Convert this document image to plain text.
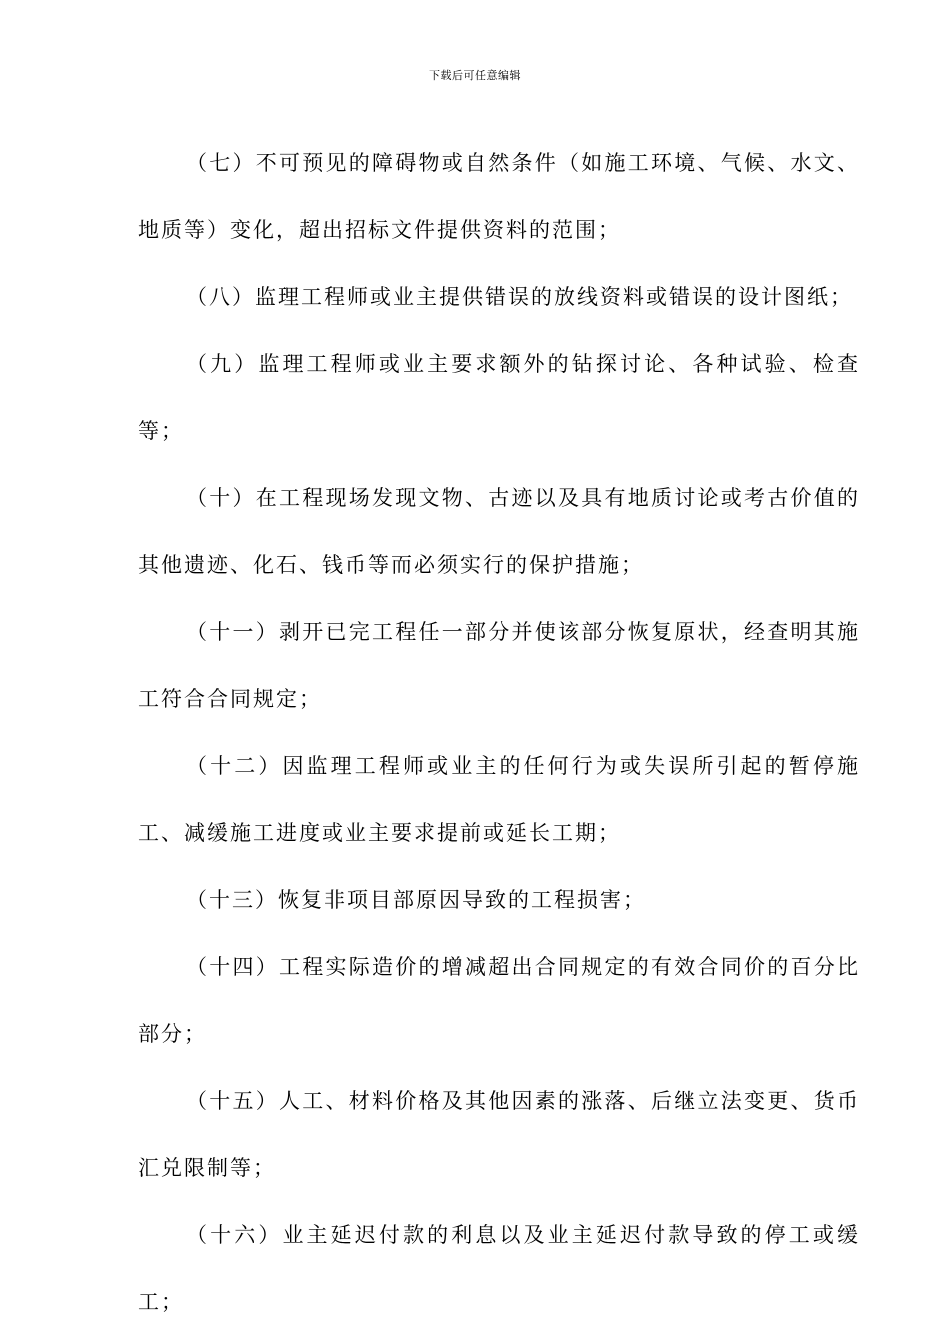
下载后可任意编辑

（七）不可预见的障碍物或自然条件（如施工环境、气候、水文、地质等）变化，超出招标文件提供资料的范围；

（八）监理工程师或业主提供错误的放线资料或错误的设计图纸；

（九）监理工程师或业主要求额外的钻探讨论、各种试验、检查等；

（十）在工程现场发现文物、古迹以及具有地质讨论或考古价值的其他遗迹、化石、钱币等而必须实行的保护措施；

（十一）剥开已完工程任一部分并使该部分恢复原状，经查明其施工符合合同规定；

（十二）因监理工程师或业主的任何行为或失误所引起的暂停施工、减缓施工进度或业主要求提前或延长工期；

（十三）恢复非项目部原因导致的工程损害；

（十四）工程实际造价的增减超出合同规定的有效合同价的百分比部分；

（十五）人工、材料价格及其他因素的涨落、后继立法变更、货币汇兑限制等；

（十六）业主延迟付款的利息以及业主延迟付款导致的停工或缓工；
